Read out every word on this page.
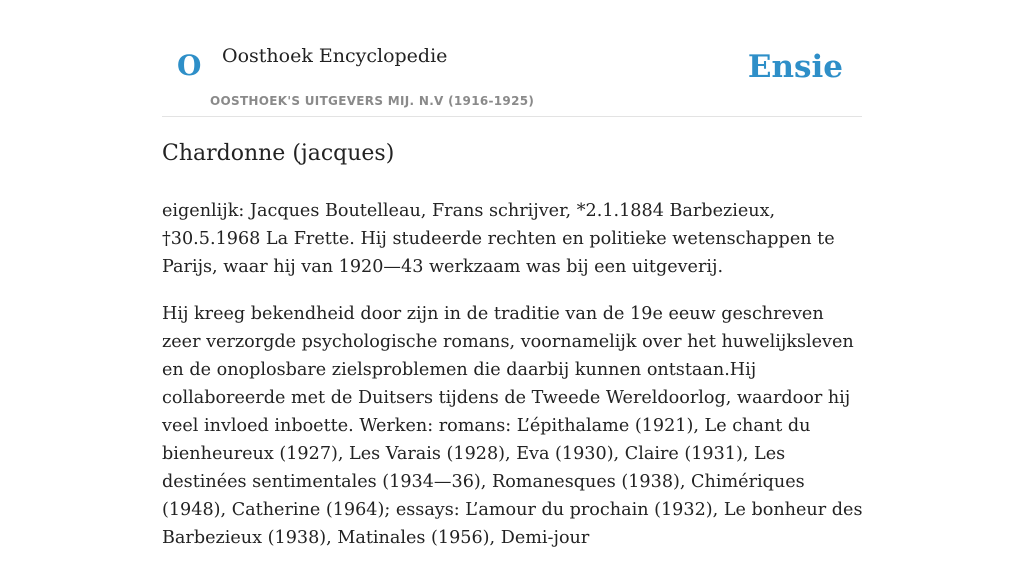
O Oosthoek Encyclopedie
OOSTHOEK'S UITGEVERS MIJ. N.V (1916-1925)
Ensie
Chardonne (jacques)

eigenlijk: Jacques Boutelleau, Frans schrijver, *2.1.1884 Barbezieux, †30.5.1968 La Frette. Hij studeerde rechten en politieke wetenschappen te Parijs, waar hij van 1920—43 werkzaam was bij een uitgeverij.

Hij kreeg bekendheid door zijn in de traditie van de 19e eeuw geschreven zeer verzorgde psychologische romans, voornamelijk over het huwelijksleven en de onoplosbare zielsproblemen die daarbij kunnen ontstaan.Hij collaboreerde met de Duitsers tijdens de Tweede Wereldoorlog, waardoor hij veel invloed inboette. Werken: romans: L’épithalame (1921), Le chant du bienheureux (1927), Les Varais (1928), Eva (1930), Claire (1931), Les destinées sentimentales (1934—36), Romanesques (1938), Chimériques (1948), Catherine (1964); essays: L’amour du prochain (1932), Le bonheur des Barbezieux (1938), Matinales (1956), Demi-jour
